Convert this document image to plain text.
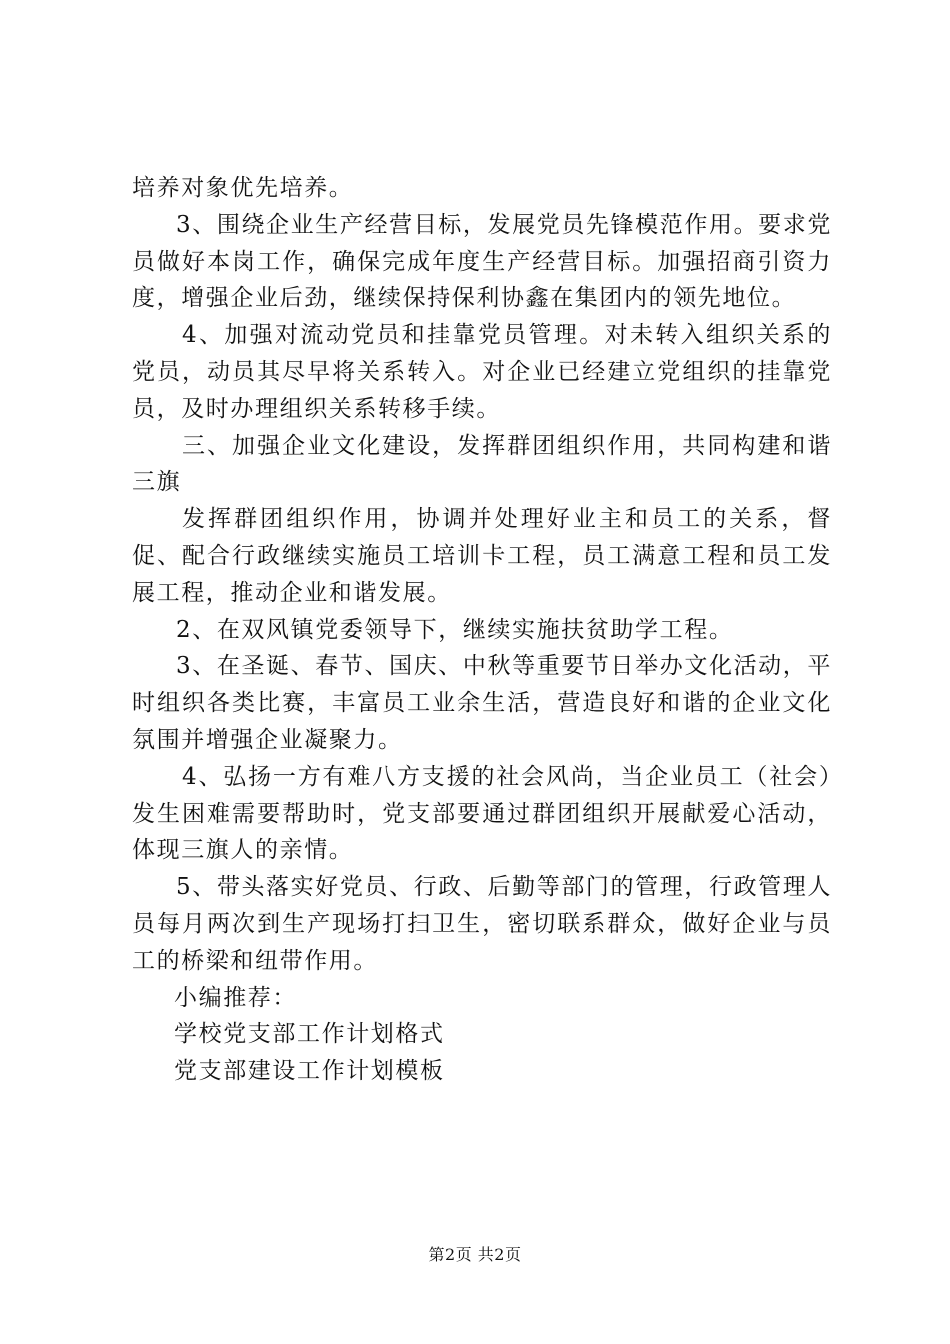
培养对象优先培养。

3、围绕企业生产经营目标，发展党员先锋模范作用。要求党员做好本岗工作，确保完成年度生产经营目标。加强招商引资力度，增强企业后劲，继续保持保利协鑫在集团内的领先地位。

4、加强对流动党员和挂靠党员管理。对未转入组织关系的党员，动员其尽早将关系转入。对企业已经建立党组织的挂靠党员，及时办理组织关系转移手续。

三、加强企业文化建设，发挥群团组织作用，共同构建和谐三旗

发挥群团组织作用，协调并处理好业主和员工的关系，督促、配合行政继续实施员工培训卡工程，员工满意工程和员工发展工程，推动企业和谐发展。

2、在双风镇党委领导下，继续实施扶贫助学工程。

3、在圣诞、春节、国庆、中秋等重要节日举办文化活动，平时组织各类比赛，丰富员工业余生活，营造良好和谐的企业文化氛围并增强企业凝聚力。

4、弘扬一方有难八方支援的社会风尚，当企业员工（社会）发生困难需要帮助时，党支部要通过群团组织开展献爱心活动，体现三旗人的亲情。

5、带头落实好党员、行政、后勤等部门的管理，行政管理人员每月两次到生产现场打扫卫生，密切联系群众，做好企业与员工的桥梁和纽带作用。

小编推荐：

学校党支部工作计划格式

党支部建设工作计划模板

第2页 共2页
